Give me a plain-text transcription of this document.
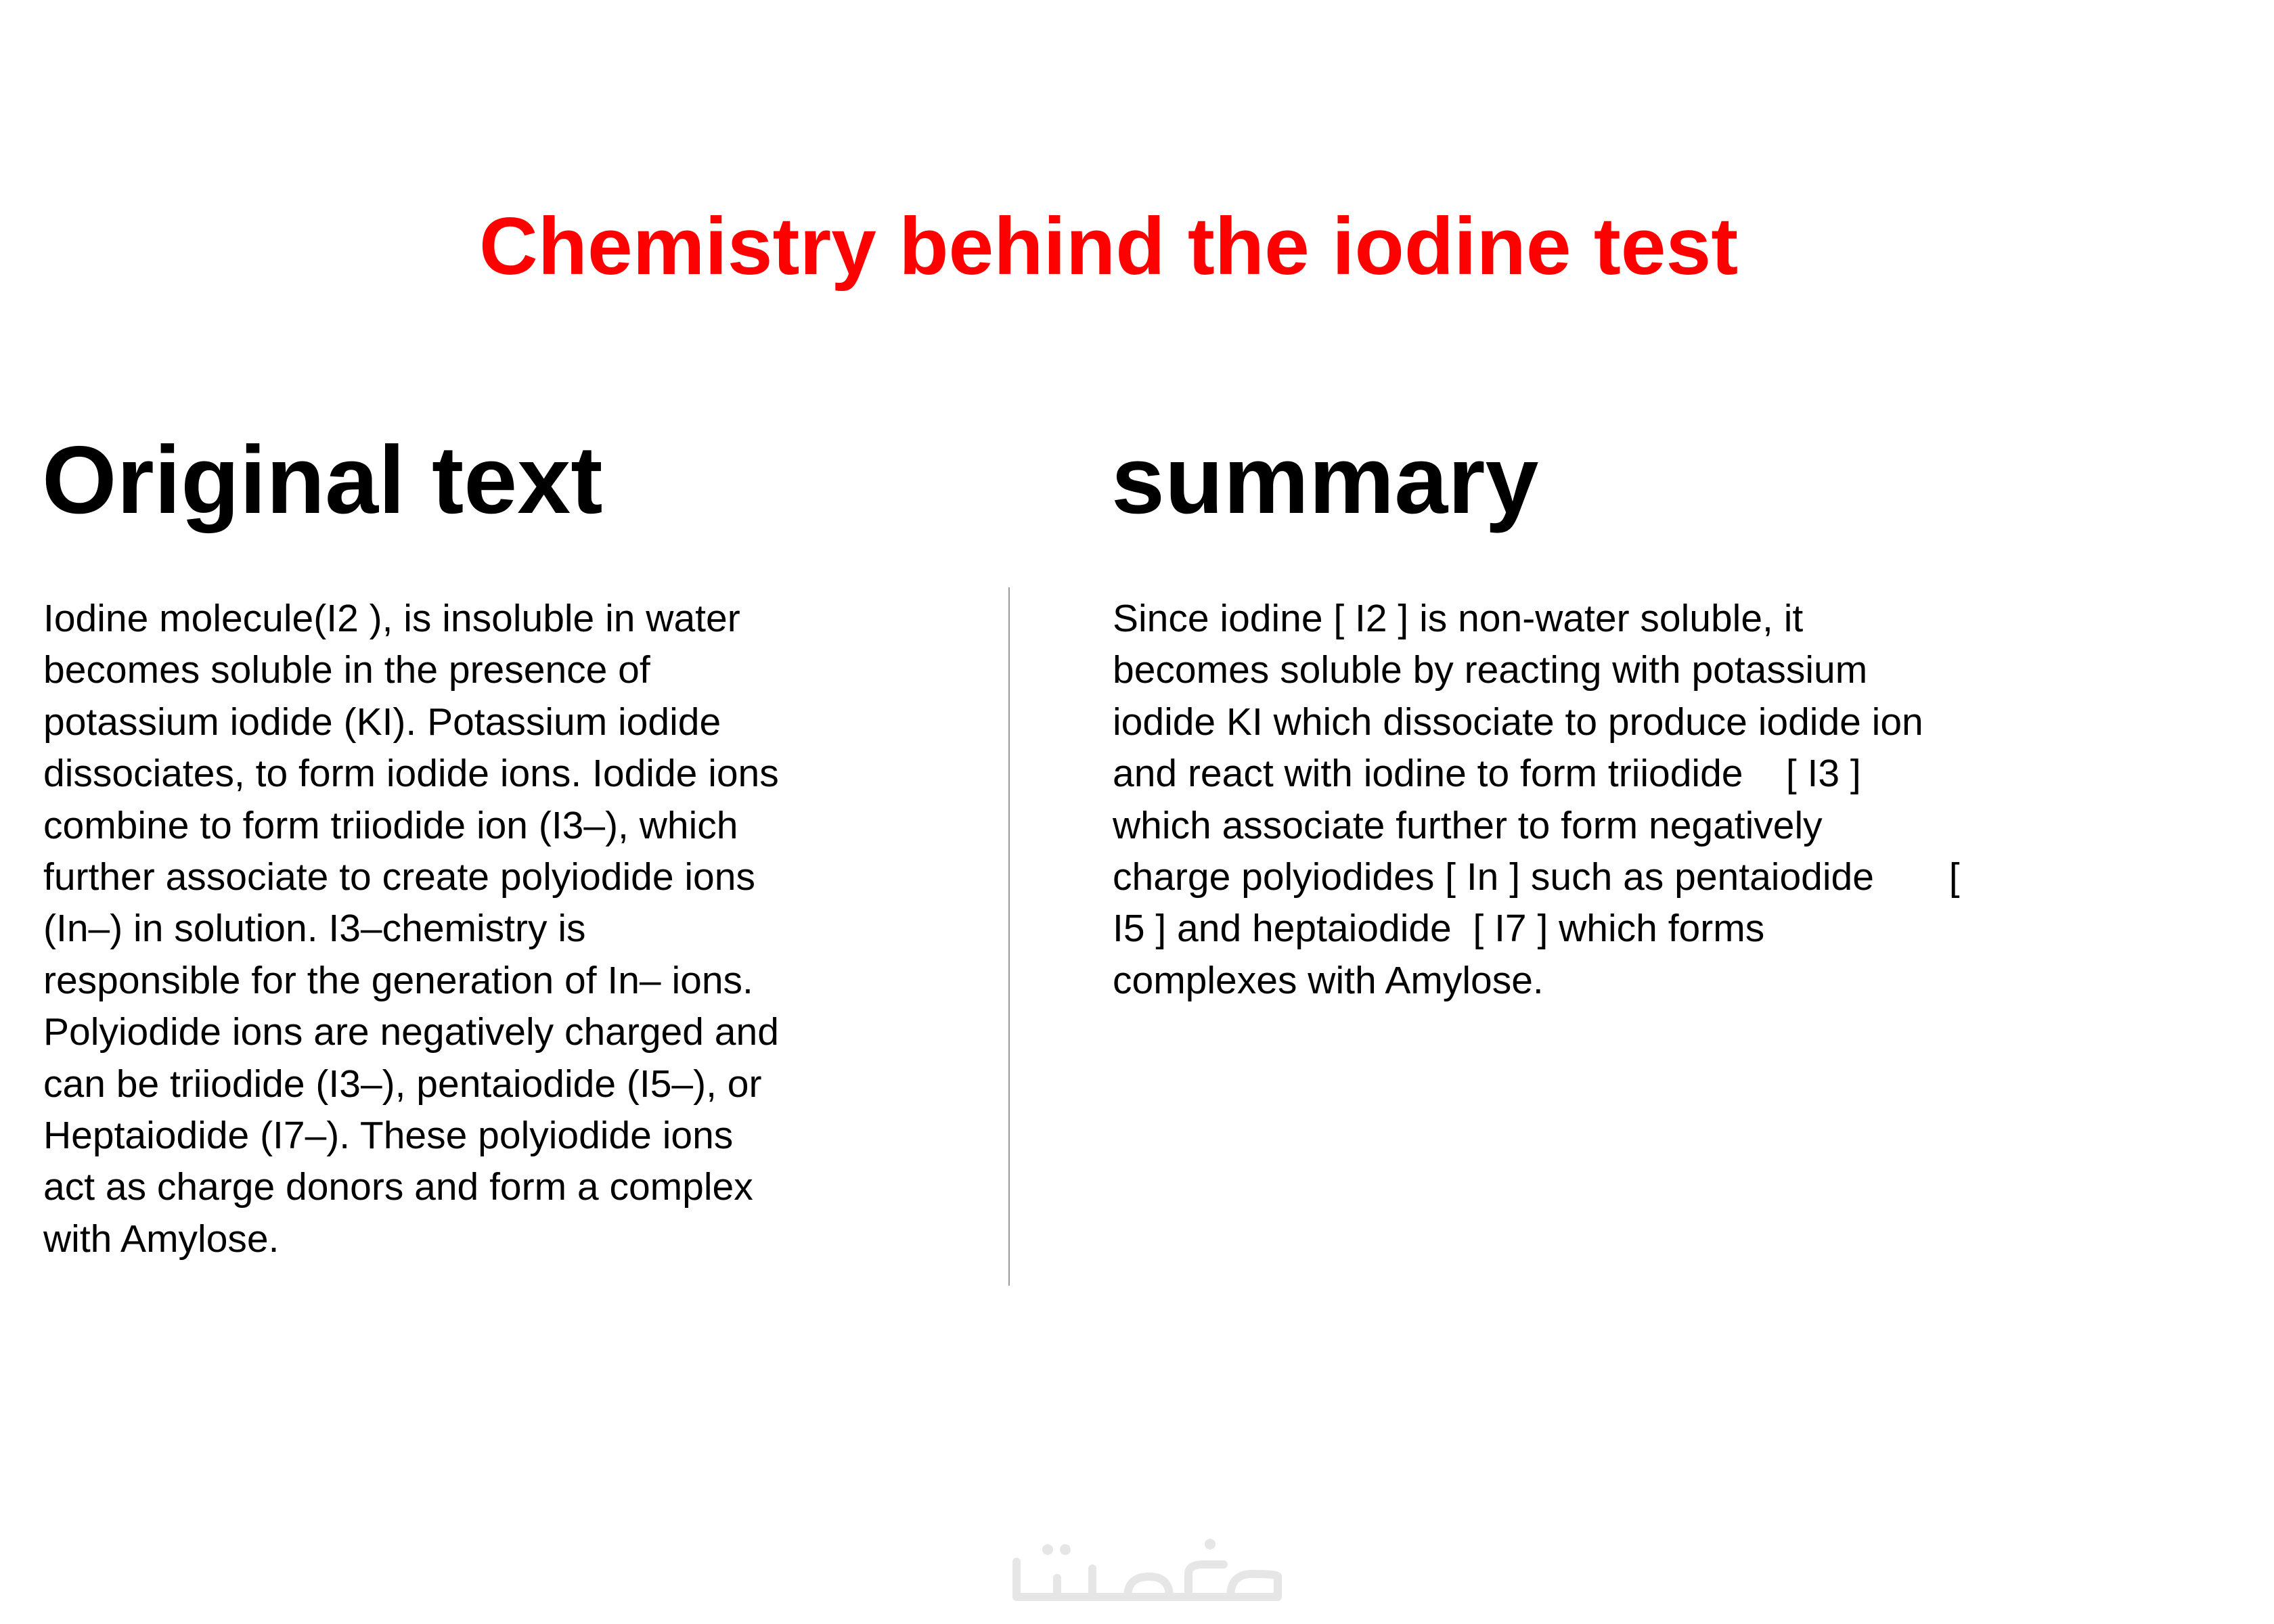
Chemistry behind the iodine test
Original text	summary
Iodine molecule(I2 ), is insoluble in water
becomes soluble in the presence of
potassium iodide (KI). Potassium iodide
dissociates, to form iodide ions. Iodide ions
combine to form triiodide ion (I3–), which
further associate to create polyiodide ions
(In–) in solution. I3–chemistry is
responsible for the generation of In– ions.
Polyiodide ions are negatively charged and
can be triiodide (I3–), pentaiodide (I5–), or
Heptaiodide (I7–). These polyiodide ions
act as charge donors and form a complex
with Amylose.
Since iodine [ I2 ] is non-water soluble, it
becomes soluble by reacting with potassium
iodide KI which dissociate to produce iodide ion
and react with iodine to form triiodide    [ I3 ]
which associate further to form negatively
charge polyiodides [ In ] such as pentaiodide       [
I5 ] and heptaiodide  [ I7 ] which forms
complexes with Amylose.
